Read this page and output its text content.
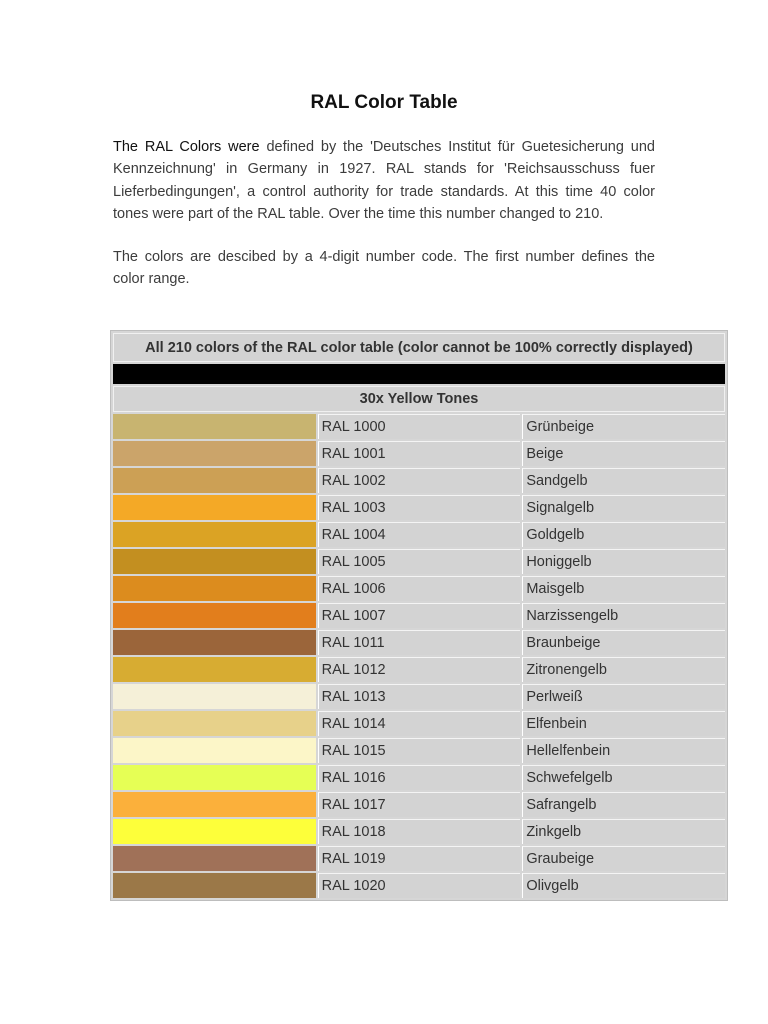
RAL Color Table

The RAL Colors were defined by the 'Deutsches Institut für Guetesicherung und Kennzeichnung' in Germany in 1927. RAL stands for 'Reichsausschuss fuer Lieferbedingungen', a control authority for trade standards. At this time 40 color tones were part of the RAL table. Over the time this number changed to 210.

The colors are descibed by a 4-digit number code. The first number defines the color range.

All 210 colors of the RAL color table (color cannot be 100% correctly displayed)		

30x Yellow Tones		
	RAL 1000	Grünbeige
	RAL 1001	Beige
	RAL 1002	Sandgelb
	RAL 1003	Signalgelb
	RAL 1004	Goldgelb
	RAL 1005	Honiggelb
	RAL 1006	Maisgelb
	RAL 1007	Narzissengelb
	RAL 1011	Braunbeige
	RAL 1012	Zitronengelb
	RAL 1013	Perlweiß
	RAL 1014	Elfenbein
	RAL 1015	Hellelfenbein
	RAL 1016	Schwefelgelb
	RAL 1017	Safrangelb
	RAL 1018	Zinkgelb
	RAL 1019	Graubeige
	RAL 1020	Olivgelb
